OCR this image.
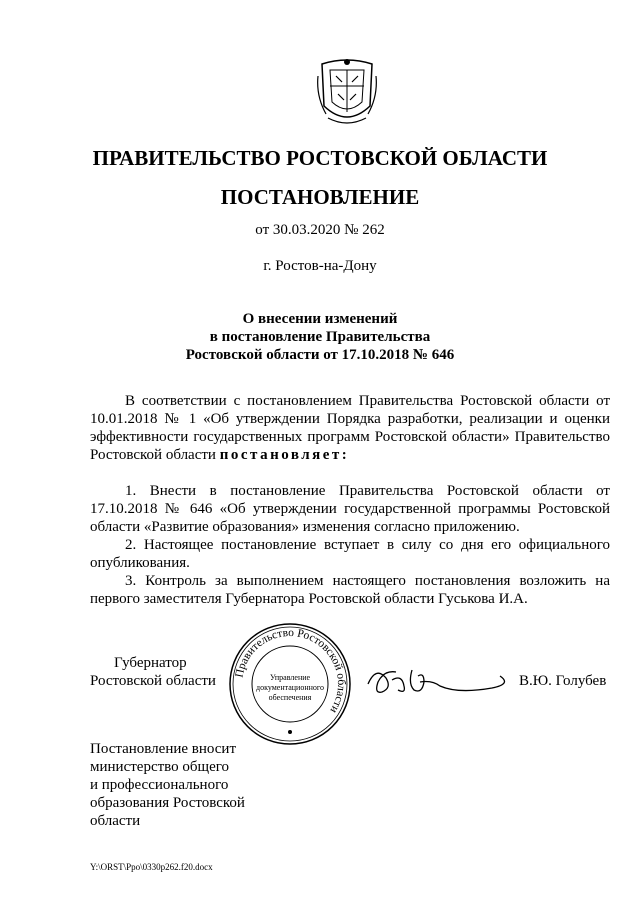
ПРАВИТЕЛЬСТВО РОСТОВСКОЙ ОБЛАСТИ
ПОСТАНОВЛЕНИЕ
от 30.03.2020 № 262
г. Ростов-на-Дону
О внесении изменений
в постановление Правительства
Ростовской области от 17.10.2018 № 646
В соответствии с постановлением Правительства Ростовской области от 10.01.2018 № 1 «Об утверждении Порядка разработки, реализации и оценки эффективности государственных программ Ростовской области» Правительство Ростовской области постановляет:

1. Внести в постановление Правительства Ростовской области от 17.10.2018 № 646 «Об утверждении государственной программы Ростовской области «Развитие образования» изменения согласно приложению.

2. Настоящее постановление вступает в силу со дня его официального опубликования.

3. Контроль за выполнением настоящего постановления возложить на первого заместителя Губернатора Ростовской области Гуськова И.А.

Губернатор
Ростовской области	Правительство Ростовской области
Управление
документационного
обеспечения
В.Ю. Голубев
Постановление вносит
министерство общего
и профессионального
образования Ростовской
области
Y:\ORST\Ppo\0330p262.f20.docx
